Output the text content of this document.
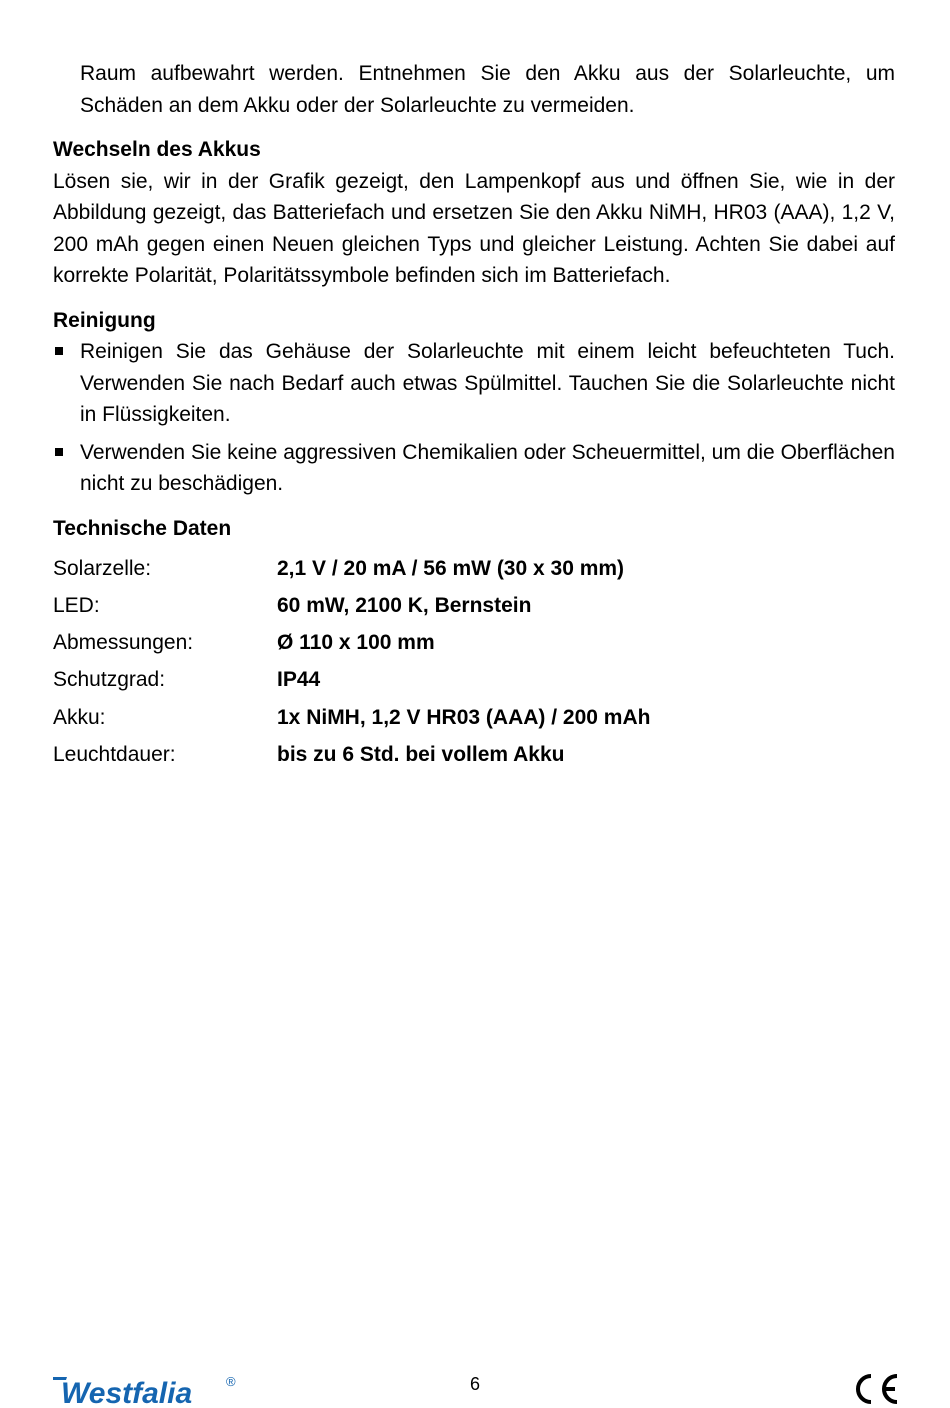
Raum aufbewahrt werden. Entnehmen Sie den Akku aus der Solarleuchte, um Schäden an dem Akku oder der Solarleuchte zu vermeiden.

Wechseln des Akkus

Lösen sie, wir in der Grafik gezeigt, den Lampenkopf aus und öffnen Sie, wie in der Abbildung gezeigt, das Batteriefach und ersetzen Sie den Akku NiMH, HR03 (AAA), 1,2 V, 200 mAh gegen einen Neuen gleichen Typs und gleicher Leistung. Achten Sie dabei auf korrekte Polarität, Polaritätssymbole befinden sich im Batteriefach.

Reinigung
Reinigen Sie das Gehäuse der Solarleuchte mit einem leicht befeuchteten Tuch. Verwenden Sie nach Bedarf auch etwas Spülmittel. Tauchen Sie die Solarleuchte nicht in Flüssigkeiten.
Verwenden Sie keine aggressiven Chemikalien oder Scheuermittel, um die Oberflächen nicht zu beschädigen.
Technische Daten
Solarzelle:	2,1 V / 20 mA / 56 mW (30 x 30 mm)
LED:	60 mW, 2100 K, Bernstein
Abmessungen:	Ø 110 x 100 mm
Schutzgrad:	IP44
Akku:	1x NiMH, 1,2 V HR03 (AAA) / 200 mAh
Leuchtdauer:	bis zu 6 Std. bei vollem Akku
Westfalia	®	6
